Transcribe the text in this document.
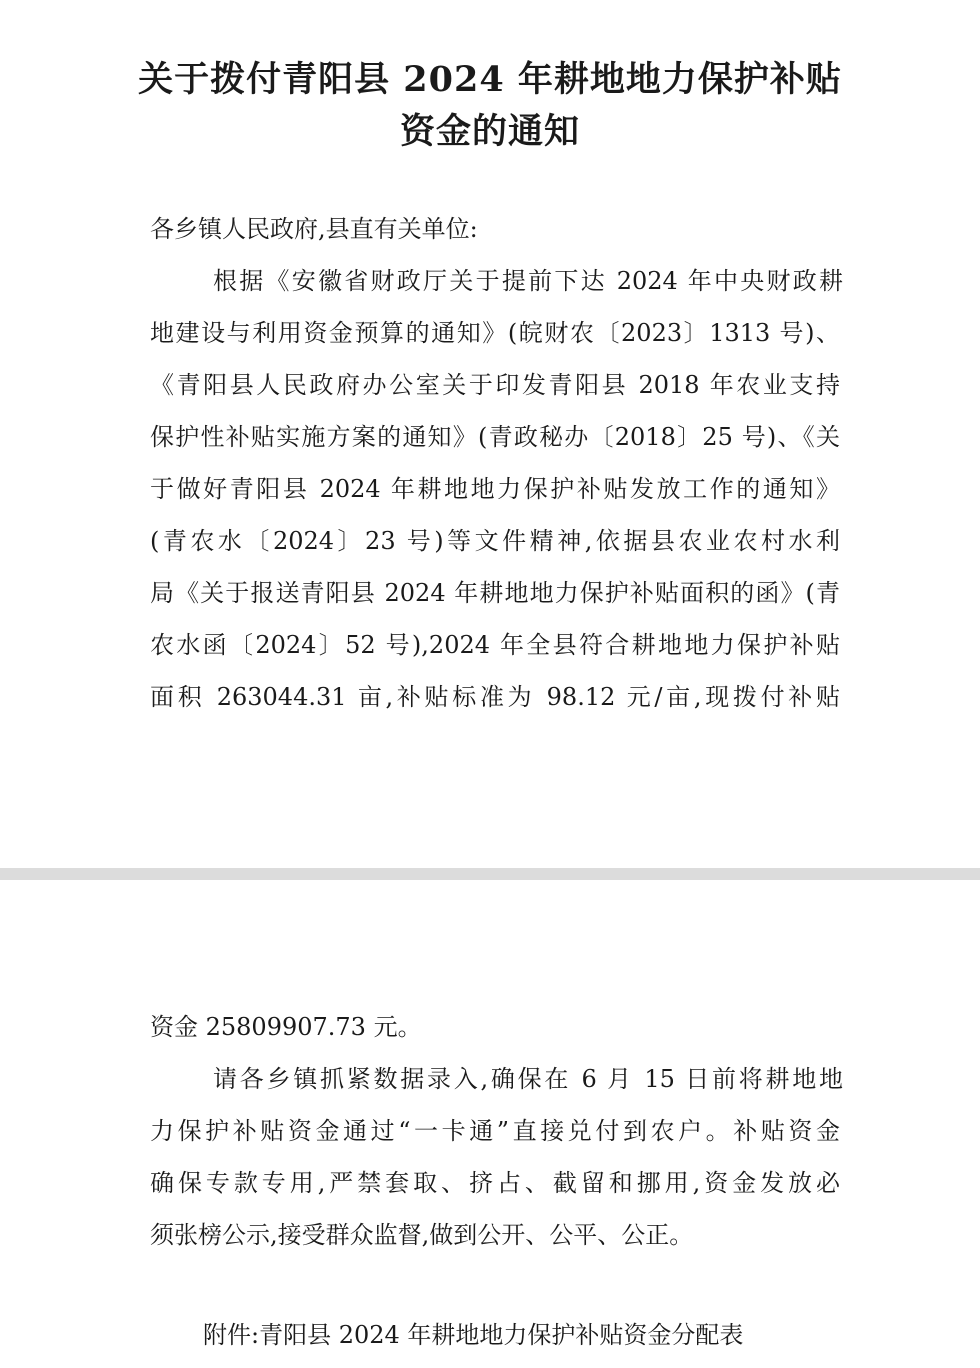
关于拨付青阳县 2024 年耕地地力保护补贴
资金的通知
各乡镇人民政府,县直有关单位:
根据《安徽省财政厅关于提前下达 2024 年中央财政耕
地建设与利用资金预算的通知》(皖财农〔2023〕1313 号)、
《青阳县人民政府办公室关于印发青阳县 2018 年农业支持
保护性补贴实施方案的通知》(青政秘办〔2018〕25 号)、《关
于做好青阳县 2024 年耕地地力保护补贴发放工作的通知》
(青农水〔2024〕23 号)等文件精神,依据县农业农村水利
局《关于报送青阳县 2024 年耕地地力保护补贴面积的函》(青
农水函〔2024〕52 号),2024 年全县符合耕地地力保护补贴
面积 263044.31 亩,补贴标准为 98.12 元/亩,现拨付补贴
资金 25809907.73 元。
请各乡镇抓紧数据录入,确保在 6 月 15 日前将耕地地
力保护补贴资金通过“一卡通”直接兑付到农户。补贴资金
确保专款专用,严禁套取、挤占、截留和挪用,资金发放必
须张榜公示,接受群众监督,做到公开、公平、公正。
附件:青阳县 2024 年耕地地力保护补贴资金分配表
